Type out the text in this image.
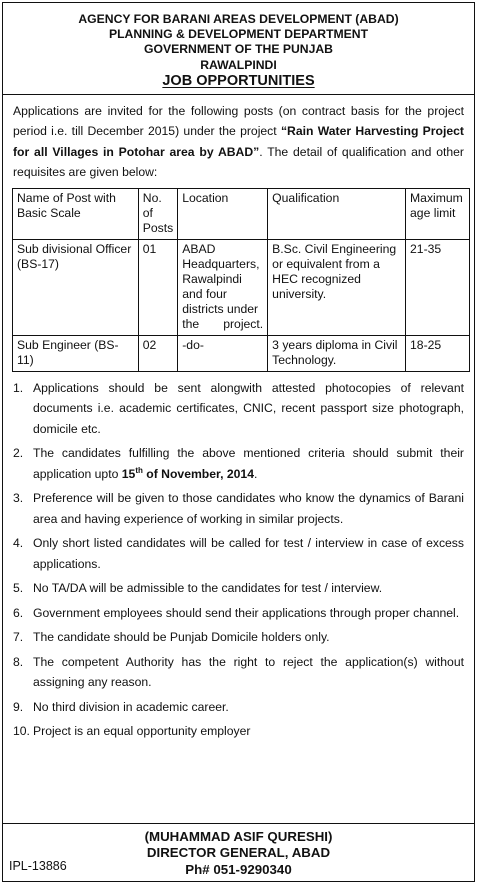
AGENCY FOR BARANI AREAS DEVELOPMENT (ABAD)
PLANNING & DEVELOPMENT DEPARTMENT
GOVERNMENT OF THE PUNJAB
RAWALPINDI
JOB OPPORTUNITIES
Applications are invited for the following posts (on contract basis for the project period i.e. till December 2015) under the project “Rain Water Harvesting Project for all Villages in Potohar area by ABAD”. The detail of qualification and other requisites are given below:
Name of Post with Basic Scale	No. of Posts	Location	Qualification	Maximum age limit
Sub divisional Officer (BS-17)	01	ABAD Headquarters, Rawalpindi and four districts under the project.	B.Sc. Civil Engineering or equivalent from a HEC recognized university.	21-35
Sub Engineer (BS-11)	02	-do-	3 years diploma in Civil Technology.	18-25
1. Applications should be sent alongwith attested photocopies of relevant documents i.e. academic certificates, CNIC, recent passport size photograph, domicile etc.
2. The candidates fulfilling the above mentioned criteria should submit their application upto 15th of November, 2014.
3. Preference will be given to those candidates who know the dynamics of Barani area and having experience of working in similar projects.
4. Only short listed candidates will be called for test / interview in case of excess applications.
5. No TA/DA will be admissible to the candidates for test / interview.
6. Government employees should send their applications through proper channel.
7. The candidate should be Punjab Domicile holders only.
8. The competent Authority has the right to reject the application(s) without assigning any reason.
9. No third division in academic career.
10. Project is an equal opportunity employer
(MUHAMMAD ASIF QURESHI)
DIRECTOR GENERAL, ABAD
Ph# 051-9290340
IPL-13886
